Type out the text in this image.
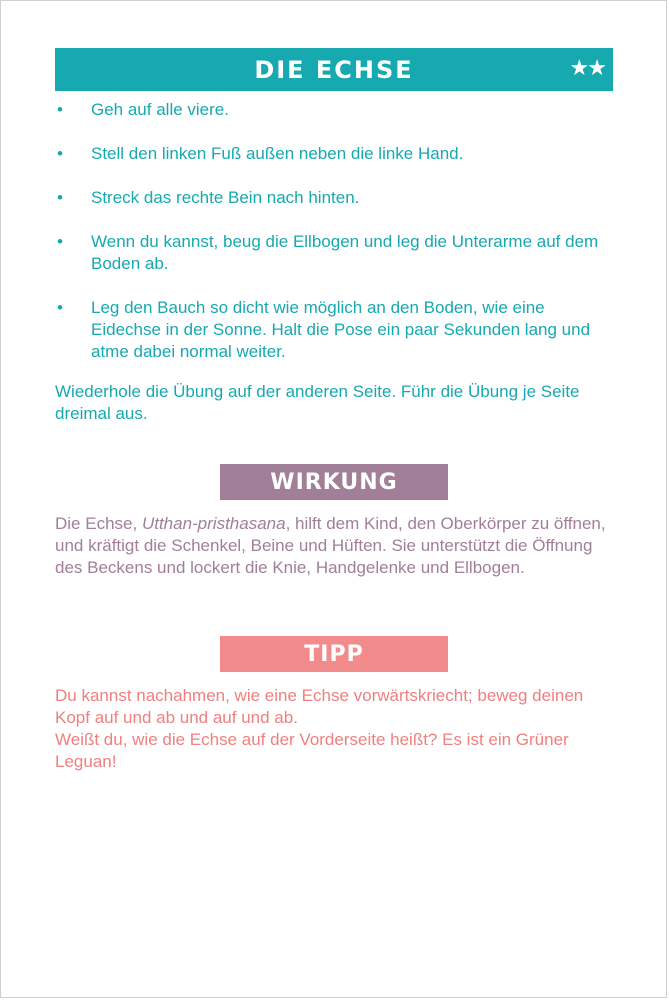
DIE ECHSE	★★
• Geh auf alle viere.
• Stell den linken Fuß außen neben die linke Hand.
• Streck das rechte Bein nach hinten.
• Wenn du kannst, beug die Ellbogen und leg die Unterarme auf dem Boden ab.
• Leg den Bauch so dicht wie möglich an den Boden, wie eine Eidechse in der Sonne. Halt die Pose ein paar Sekunden lang und atme dabei normal weiter.
Wiederhole die Übung auf der anderen Seite. Führ die Übung je Seite dreimal aus.
WIRKUNG
Die Echse, Utthan-pristhasana, hilft dem Kind, den Oberkörper zu öffnen, und kräftigt die Schenkel, Beine und Hüften. Sie unterstützt die Öffnung des Beckens und lockert die Knie, Handgelenke und Ellbogen.
TIPP

Du kannst nachahmen, wie eine Echse vorwärtskriecht; beweg deinen Kopf auf und ab und auf und ab.

Weißt du, wie die Echse auf der Vorderseite heißt? Es ist ein Grüner Leguan!
